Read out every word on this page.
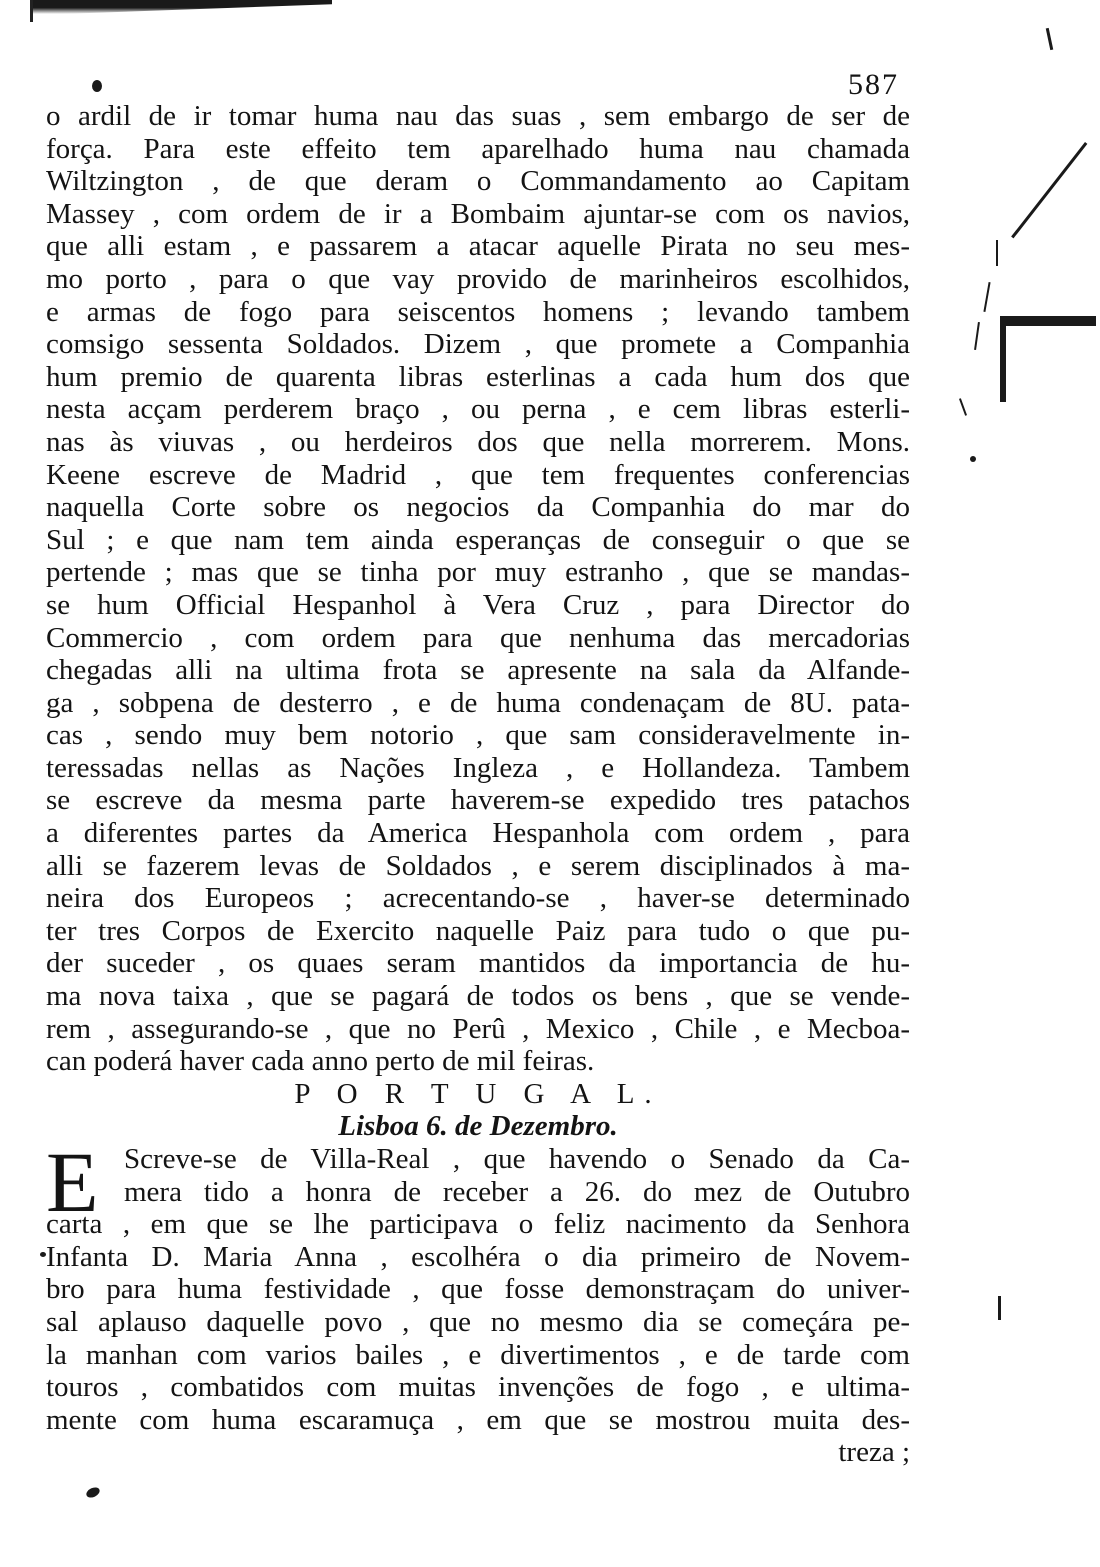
587
o ardil de ir tomar huma nau das suas , sem embargo de ser de
força. Para este effeito tem aparelhado huma nau chamada
Wiltzington , de que deram o Commandamento ao Capitam
Massey , com ordem de ir a Bombaim ajuntar-se com os navios,
que alli estam , e passarem a atacar aquelle Pirata no seu mes-
mo porto , para o que vay provido de marinheiros escolhidos,
e armas de fogo para seiscentos homens ; levando tambem
comsigo sessenta Soldados. Dizem , que promete a Companhia
hum premio de quarenta libras esterlinas a cada hum dos que
nesta acçam perderem braço , ou perna , e cem libras esterli-
nas às viuvas , ou herdeiros dos que nella morrerem. Mons.
Keene escreve de Madrid , que tem frequentes conferencias
naquella Corte sobre os negocios da Companhia do mar do
Sul ; e que nam tem ainda esperanças de conseguir o que se
pertende ; mas que se tinha por muy estranho , que se mandas-
se hum Official Hespanhol à Vera Cruz , para Director do
Commercio , com ordem para que nenhuma das mercadorias
chegadas alli na ultima frota se apresente na sala da Alfande-
ga , sobpena de desterro , e de huma condenaçam de 8U. pata-
cas , sendo muy bem notorio , que sam consideravelmente in-
teressadas nellas as Nações Ingleza , e Hollandeza. Tambem
se escreve da mesma parte haverem-se expedido tres patachos
a diferentes partes da America Hespanhola com ordem , para
alli se fazerem levas de Soldados , e serem disciplinados à ma-
neira dos Europeos ; acrecentando-se , haver-se determinado
ter tres Corpos de Exercito naquelle Paiz para tudo o que pu-
der suceder , os quaes seram mantidos da importancia de hu-
ma nova taixa , que se pagará de todos os bens , que se vende-
rem , assegurando-se , que no Perû , Mexico , Chile , e Mecboa-
can poderá haver cada anno perto de mil feiras.
P O R T U G A L.
Lisboa 6. de Dezembro.
E Screve-se de Villa-Real , que havendo o Senado da Ca-
mera tido a honra de receber a 26. do mez de Outubro
carta , em que se lhe participava o feliz nacimento da Senhora
Infanta D. Maria Anna , escolhéra o dia primeiro de Novem-
bro para huma festividade , que fosse demonstraçam do univer-
sal aplauso daquelle povo , que no mesmo dia se começára pe-
la manhan com varios bailes , e divertimentos , e de tarde com
touros , combatidos com muitas invenções de fogo , e ultima-
mente com huma escaramuça , em que se mostrou muita des-
treza ;
